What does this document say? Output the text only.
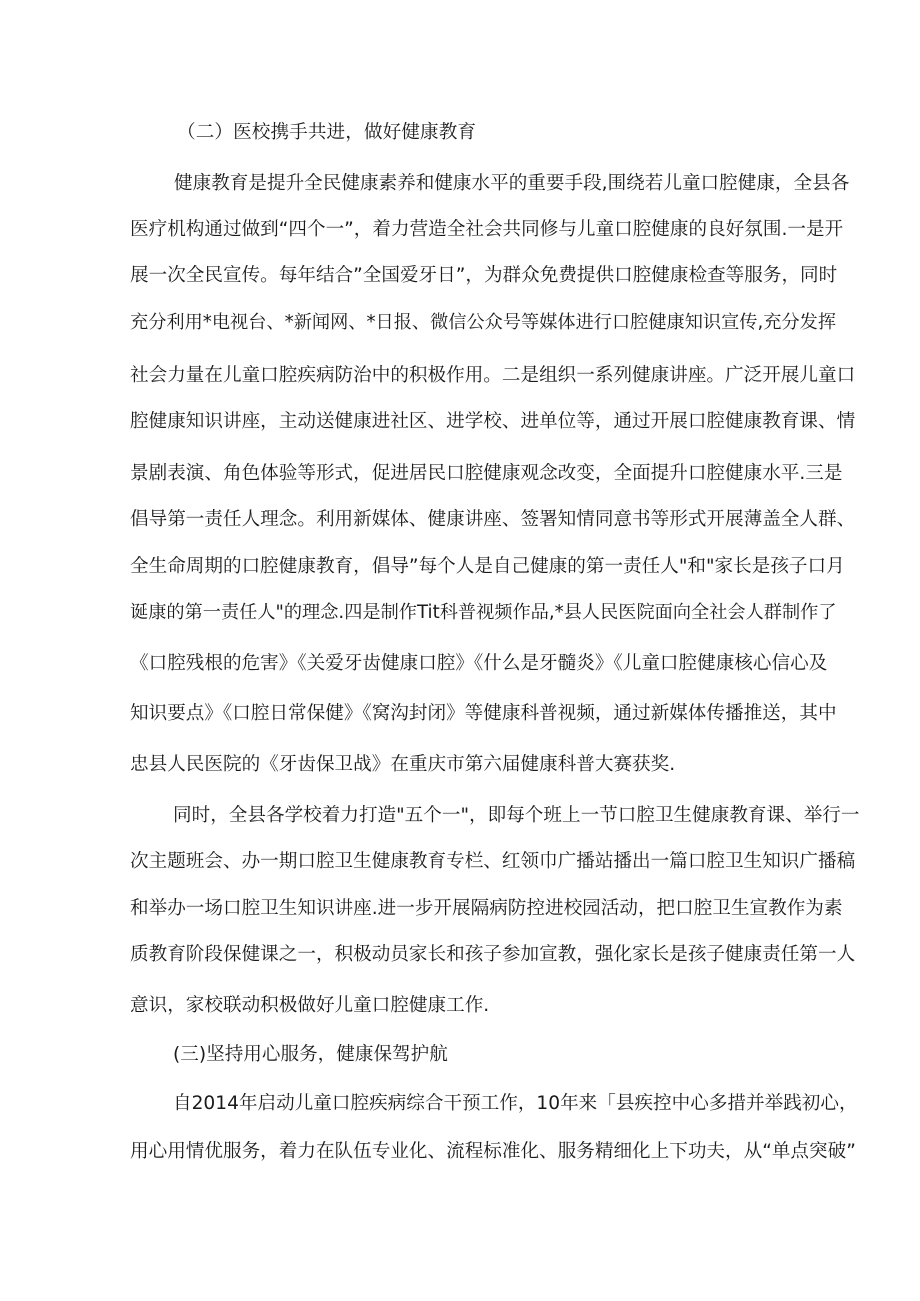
（二）医校携手共进，做好健康教育
健康教育是提升全民健康素养和健康水平的重要手段,围绕若儿童口腔健康，全县各
医疗机构通过做到“四个一”，着力营造全社会共同修与儿童口腔健康的良好氛围.一是开
展一次全民宣传。每年结合”全国爱牙日”，为群众免费提供口腔健康检查等服务，同时
充分利用*电视台、*新闻网、*日报、微信公众号等媒体进行口腔健康知识宣传,充分发挥
社会力量在儿童口腔疾病防治中的积极作用。二是组织一系列健康讲座。广泛开展儿童口
腔健康知识讲座，主动送健康进社区、进学校、进单位等，通过开展口腔健康教育课、情
景剧表演、角色体验等形式，促进居民口腔健康观念改变，全面提升口腔健康水平.三是
倡导第一责任人理念。利用新媒体、健康讲座、签署知情同意书等形式开展薄盖全人群、
全生命周期的口腔健康教育，倡导”每个人是自己健康的第一责任人"和"家长是孩子口月
诞康的第一责任人"的理念.四是制作Tit科普视频作品,*县人民医院面向全社会人群制作了
《口腔残根的危害》《关爱牙齿健康口腔》《什么是牙髓炎》《儿童口腔健康核心信心及
知识要点》《口腔日常保健》《窝沟封闭》等健康科普视频，通过新媒体传播推送，其中
忠县人民医院的《牙齿保卫战》在重庆市第六届健康科普大赛获奖.
同时，全县各学校着力打造"五个一"，即每个班上一节口腔卫生健康教育课、举行一
次主题班会、办一期口腔卫生健康教育专栏、红领巾广播站播出一篇口腔卫生知识广播稿
和举办一场口腔卫生知识讲座.进一步开展隔病防控进校园活动，把口腔卫生宣教作为素
质教育阶段保健课之一，积极动员家长和孩子参加宣教，强化家长是孩子健康责任第一人
意识，家校联动积极做好儿童口腔健康工作.
(三)坚持用心服务，健康保驾护航
自2014年启动儿童口腔疾病综合干预工作，10年来「县疾控中心多措并举践初心，
用心用情优服务，着力在队伍专业化、流程标准化、服务精细化上下功夫，从“单点突破”
